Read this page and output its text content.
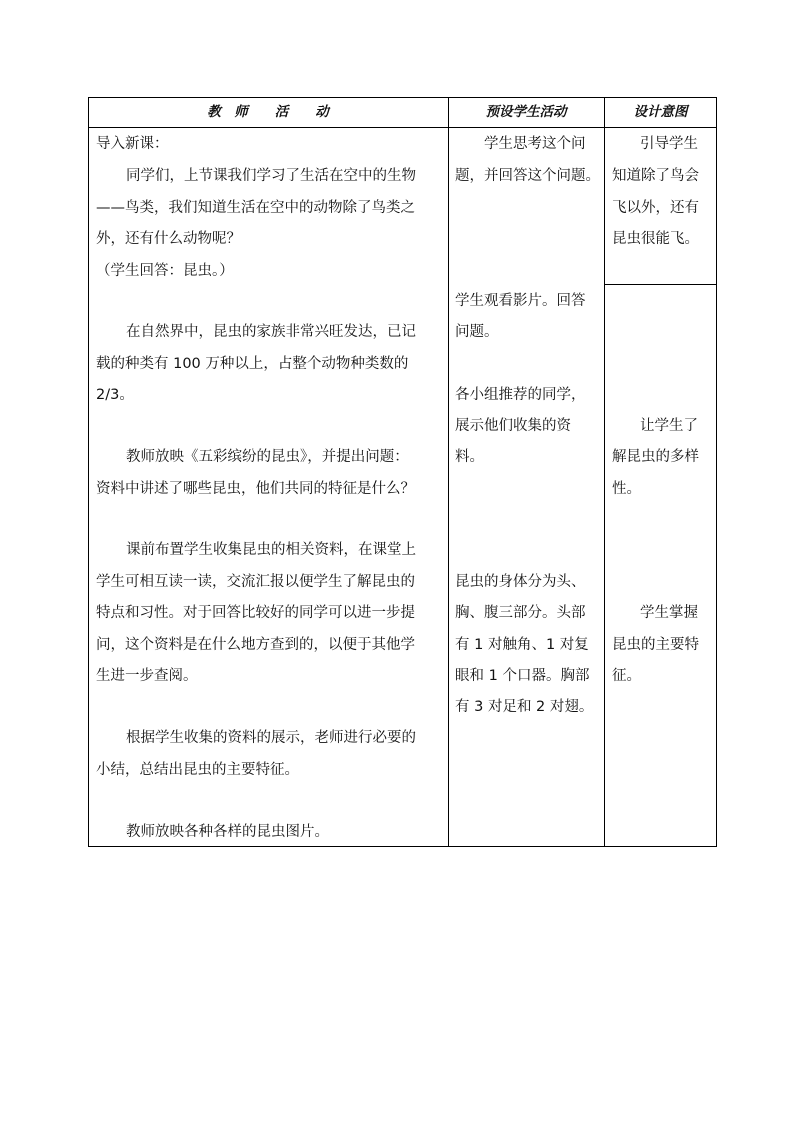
教　师　　活　　动	预设学生活动	设计意图
导入新课：
同学们，上节课我们学习了生活在空中的生物
——鸟类，我们知道生活在空中的动物除了鸟类之
外，还有什么动物呢？
（学生回答：昆虫。）
在自然界中，昆虫的家族非常兴旺发达，已记
载的种类有 100 万种以上，占整个动物种类数的
2/3。
教师放映《五彩缤纷的昆虫》，并提出问题：
资料中讲述了哪些昆虫，他们共同的特征是什么？
课前布置学生收集昆虫的相关资料，在课堂上
学生可相互读一读，交流汇报以便学生了解昆虫的
特点和习性。对于回答比较好的同学可以进一步提
问，这个资料是在什么地方查到的，以便于其他学
生进一步查阅。
根据学生收集的资料的展示，老师进行必要的
小结，总结出昆虫的主要特征。
教师放映各种各样的昆虫图片。
学生思考这个问
题，并回答这个问题。
学生观看影片。回答
问题。
各小组推荐的同学，
展示他们收集的资
料。
昆虫的身体分为头、
胸、腹三部分。头部
有 1 对触角、1 对复
眼和 1 个口器。胸部
有 3 对足和 2 对翅。
引导学生
知道除了鸟会
飞以外，还有
昆虫很能飞。
让学生了
解昆虫的多样
性。
学生掌握
昆虫的主要特
征。
